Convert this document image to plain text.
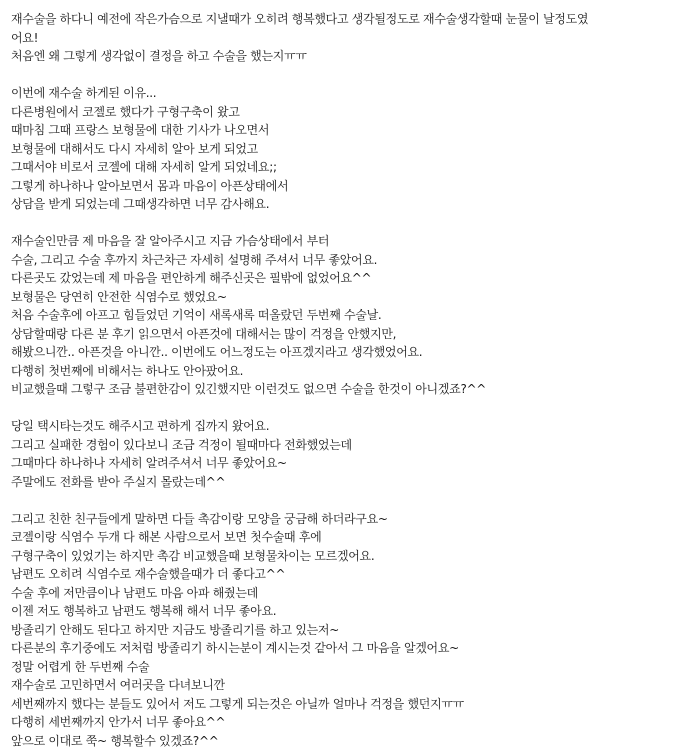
재수술을 하다니 예전에 작은가슴으로 지낼때가 오히려 행복했다고 생각될정도로 재수술생각할때 눈물이 날정도였
어요!
처음엔 왜 그렇게 생각없이 결정을 하고 수술을 했는지ㅠㅠ
이번에 재수술 하게된 이유...
다른병원에서 코젤로 했다가 구형구축이 왔고
때마침 그때 프랑스 보형물에 대한 기사가 나오면서
보형물에 대해서도 다시 자세히 알아 보게 되었고
그때서야 비로서 코젤에 대해 자세히 알게 되었네요;;
그렇게 하나하나 알아보면서 몸과 마음이 아픈상태에서
상담을 받게 되었는데 그때생각하면 너무 감사해요.
재수술인만큼 제 마음을 잘 알아주시고 지금 가슴상태에서 부터
수술, 그리고 수술 후까지 차근차근 자세히 설명해 주셔서 너무 좋았어요.
다른곳도 갔었는데 제 마음을 편안하게 해주신곳은 필밖에 없었어요^^
보형물은 당연히 안전한 식염수로 했었요~
처음 수술후에 아프고 힘들었던 기억이 새록새록 떠올랐던 두번째 수술날.
상담할때랑 다른 분 후기 읽으면서 아픈것에 대해서는 많이 걱정을 안했지만,
해봤으니깐.. 아픈것을 아니깐.. 이번에도 어느정도는 아프겠지라고 생각했었어요.
다행히 첫번째에 비해서는 하나도 안아팠어요.
비교했을때 그렇구 조금 불편한감이 있긴했지만 이런것도 없으면 수술을 한것이 아니겠죠?^^
당일 택시타는것도 해주시고 편하게 집까지 왔어요.
그리고 실패한 경험이 있다보니 조금 걱정이 될때마다 전화했었는데
그때마다 하나하나 자세히 알려주셔서 너무 좋았어요~
주말에도 전화를 받아 주실지 몰랐는데^^
그리고 친한 친구들에게 말하면 다들 촉감이랑 모양을 궁금해 하더라구요~
코젤이랑 식염수 두개 다 해본 사람으로서 보면 첫수술때 후에
구형구축이 있었기는 하지만 촉감 비교했을때 보형물차이는 모르겠어요.
남편도 오히려 식염수로 재수술했을때가 더 좋다고^^
수술 후에 저만큼이나 남편도 마음 아파 해줬는데
이젠 저도 행복하고 남편도 행복해 해서 너무 좋아요.
방졸리기 안해도 된다고 하지만 지금도 방졸리기를 하고 있는저~
다른분의 후기중에도 저처럼 방졸리기 하시는분이 계시는것 같아서 그 마음을 알겠어요~
정말 어렵게 한 두번째 수술
재수술로 고민하면서 여러곳을 다녀보니깐
세번째까지 했다는 분들도 있어서 저도 그렇게 되는것은 아닐까 얼마나 걱정을 했던지ㅠㅠ
다행히 세번째까지 안가서 너무 좋아요^^
앞으로 이대로 쭉~ 행복할수 있겠죠?^^
